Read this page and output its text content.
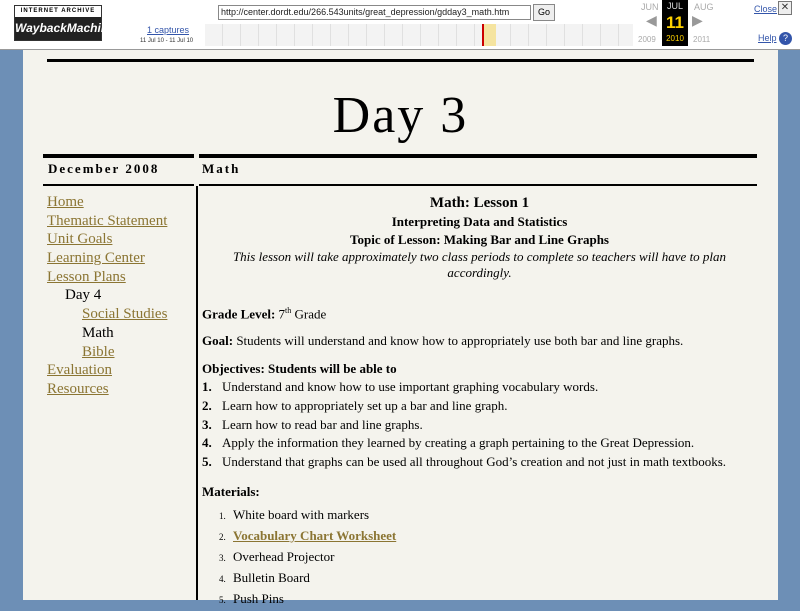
INTERNET ARCHIVE
WaybackMachine
http://center.dordt.edu/266.543units/great_depression/gdday3_math.htm	Go
1 captures
11 Jul 10 - 11 Jul 10
JUN	AUG
2009	2011
◀	▶
JUL
11
2010
Close ✕
Help ?
Day 3
December 2008	Math
Home
Thematic Statement
Unit Goals
Learning Center
Lesson Plans
Day 4
Social Studies
Math
Bible
Evaluation
Resources
Math: Lesson 1
Interpreting Data and Statistics
Topic of Lesson: Making Bar and Line Graphs
This lesson will take approximately two class periods to complete so teachers will have to plan accordingly.
Grade Level: 7th Grade
Goal: Students will understand and know how to appropriately use both bar and line graphs.
Objectives: Students will be able to
1. Understand and know how to use important graphing vocabulary words.
2. Learn how to appropriately set up a bar and line graph.
3. Learn how to read bar and line graphs.
4. Apply the information they learned by creating a graph pertaining to the Great Depression.
5. Understand that graphs can be used all throughout God’s creation and not just in math textbooks.
Materials:
1. White board with markers
2. Vocabulary Chart Worksheet
3. Overhead Projector
4. Bulletin Board
5. Push Pins
